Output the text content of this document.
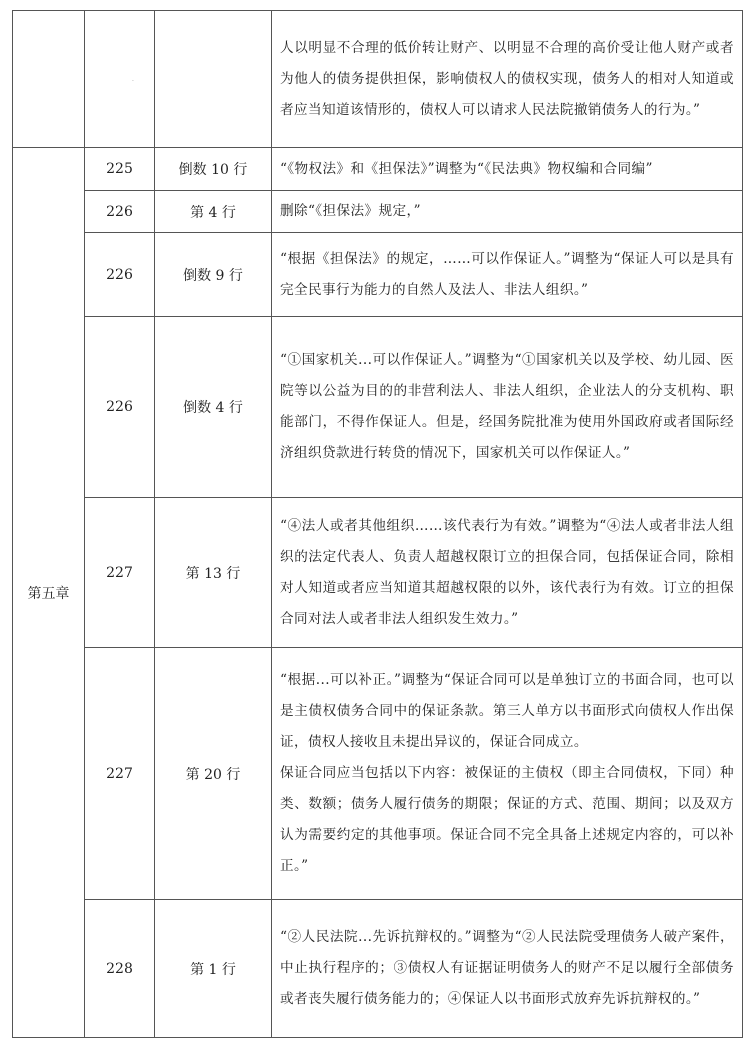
			人以明显不合理的低价转让财产、以明显不合理的高价受让他人财产或者为他人的债务提供担保，影响债权人的债权实现，债务人的相对人知道或者应当知道该情形的，债权人可以请求人民法院撤销债务人的行为。”

第五章	225	倒数 10 行	“《物权法》和《担保法》”调整为“《民法典》物权编和合同编”

	226	第 4 行	删除“《担保法》规定，”

	226	倒数 9 行	“根据《担保法》的规定，……可以作保证人。”调整为“保证人可以是具有完全民事行为能力的自然人及法人、非法人组织。”

	226	倒数 4 行	“①国家机关...可以作保证人。”调整为“①国家机关以及学校、幼儿园、医院等以公益为目的的非营利法人、非法人组织，企业法人的分支机构、职能部门，不得作保证人。但是，经国务院批准为使用外国政府或者国际经济组织贷款进行转贷的情况下，国家机关可以作保证人。”

	227	第 13 行	“④法人或者其他组织……该代表行为有效。”调整为“④法人或者非法人组织的法定代表人、负责人超越权限订立的担保合同，包括保证合同，除相对人知道或者应当知道其超越权限的以外，该代表行为有效。订立的担保合同对法人或者非法人组织发生效力。”

	227	第 20 行	“根据...可以补正。”调整为“保证合同可以是单独订立的书面合同，也可以是主债权债务合同中的保证条款。第三人单方以书面形式向债权人作出保证，债权人接收且未提出异议的，保证合同成立。

保证合同应当包括以下内容：被保证的主债权（即主合同债权，下同）种类、数额；债务人履行债务的期限；保证的方式、范围、期间；以及双方认为需要约定的其他事项。保证合同不完全具备上述规定内容的，可以补正。”

	228	第 1 行	“②人民法院...先诉抗辩权的。”调整为“②人民法院受理债务人破产案件，中止执行程序的；③债权人有证据证明债务人的财产不足以履行全部债务或者丧失履行债务能力的；④保证人以书面形式放弃先诉抗辩权的。”

·
